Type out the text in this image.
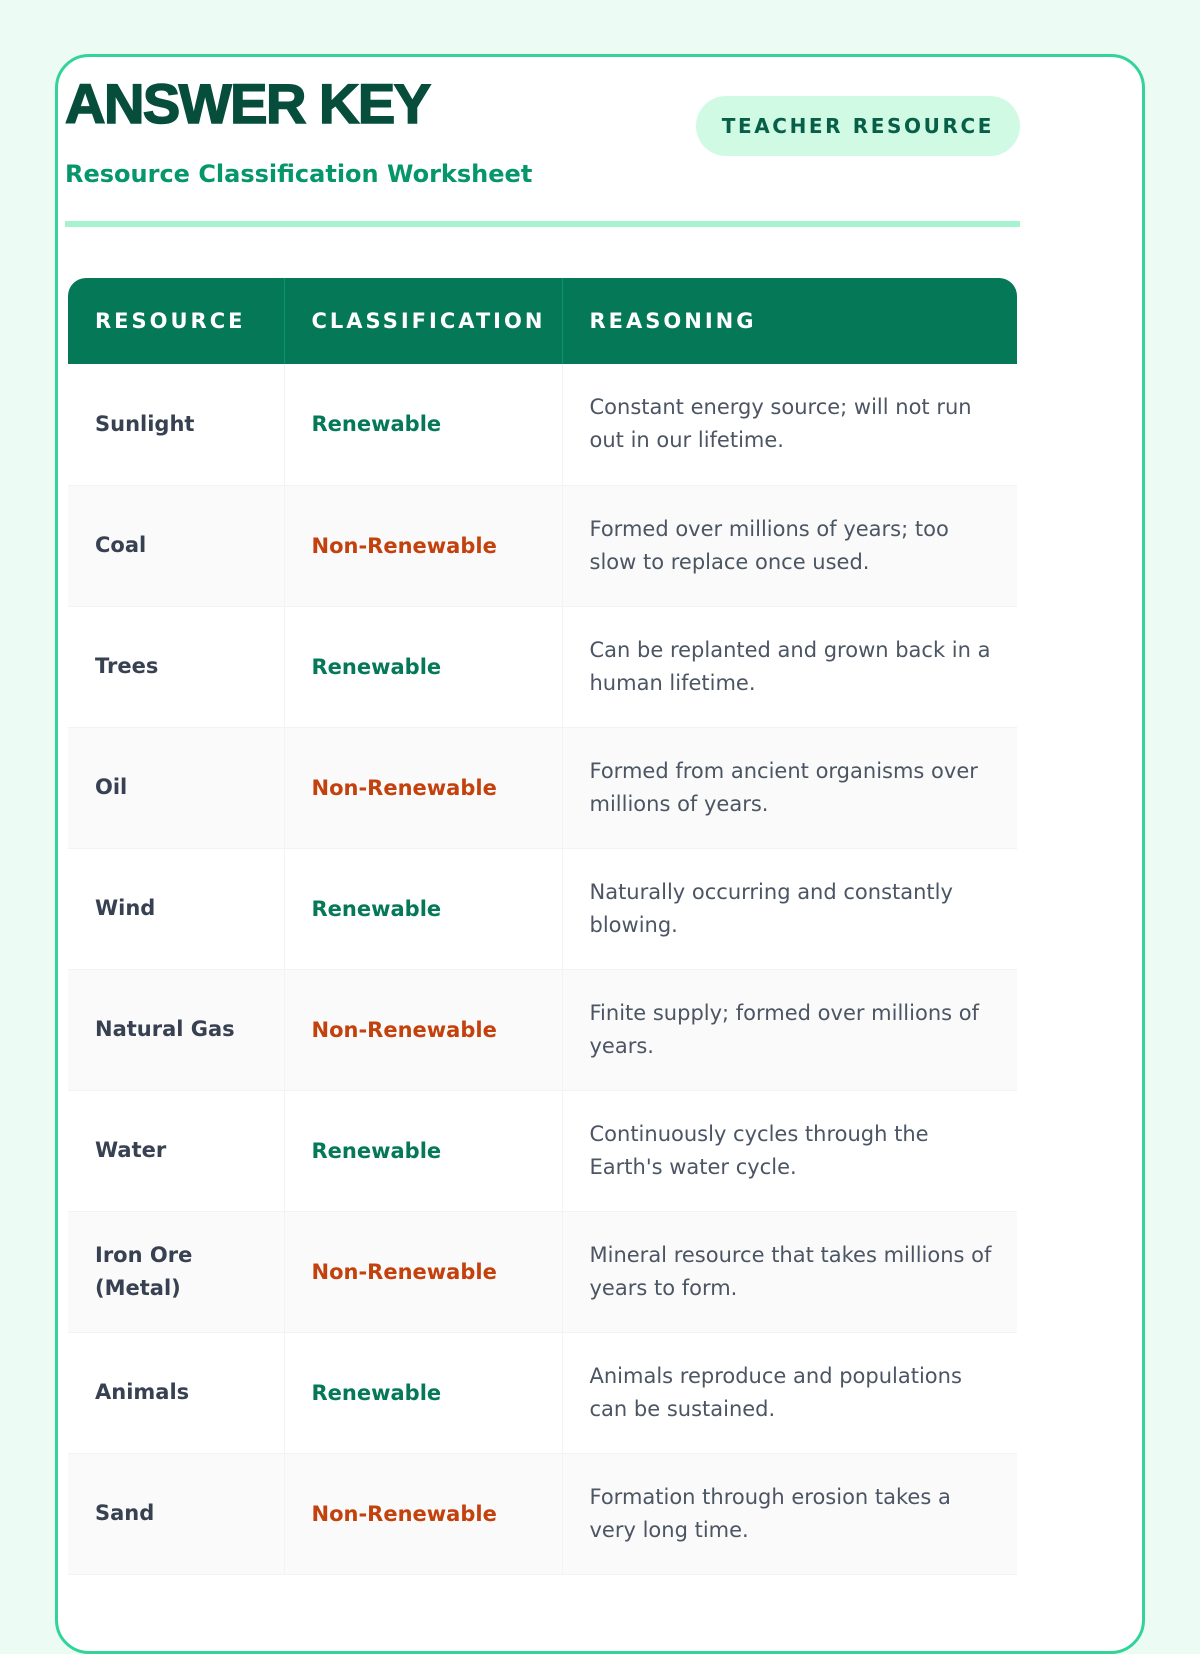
ANSWER KEY
Resource Classification Worksheet
TEACHER RESOURCE
RESOURCE	CLASSIFICATION	REASONING
Sunlight	Renewable	Constant energy source; will not run out in our lifetime.
Coal	Non-Renewable	Formed over millions of years; too slow to replace once used.
Trees	Renewable	Can be replanted and grown back in a human lifetime.
Oil	Non-Renewable	Formed from ancient organisms over millions of years.
Wind	Renewable	Naturally occurring and constantly blowing.
Natural Gas	Non-Renewable	Finite supply; formed over millions of years.
Water	Renewable	Continuously cycles through the Earth's water cycle.
Iron Ore (Metal)	Non-Renewable	Mineral resource that takes millions of years to form.
Animals	Renewable	Animals reproduce and populations can be sustained.
Sand	Non-Renewable	Formation through erosion takes a very long time.
